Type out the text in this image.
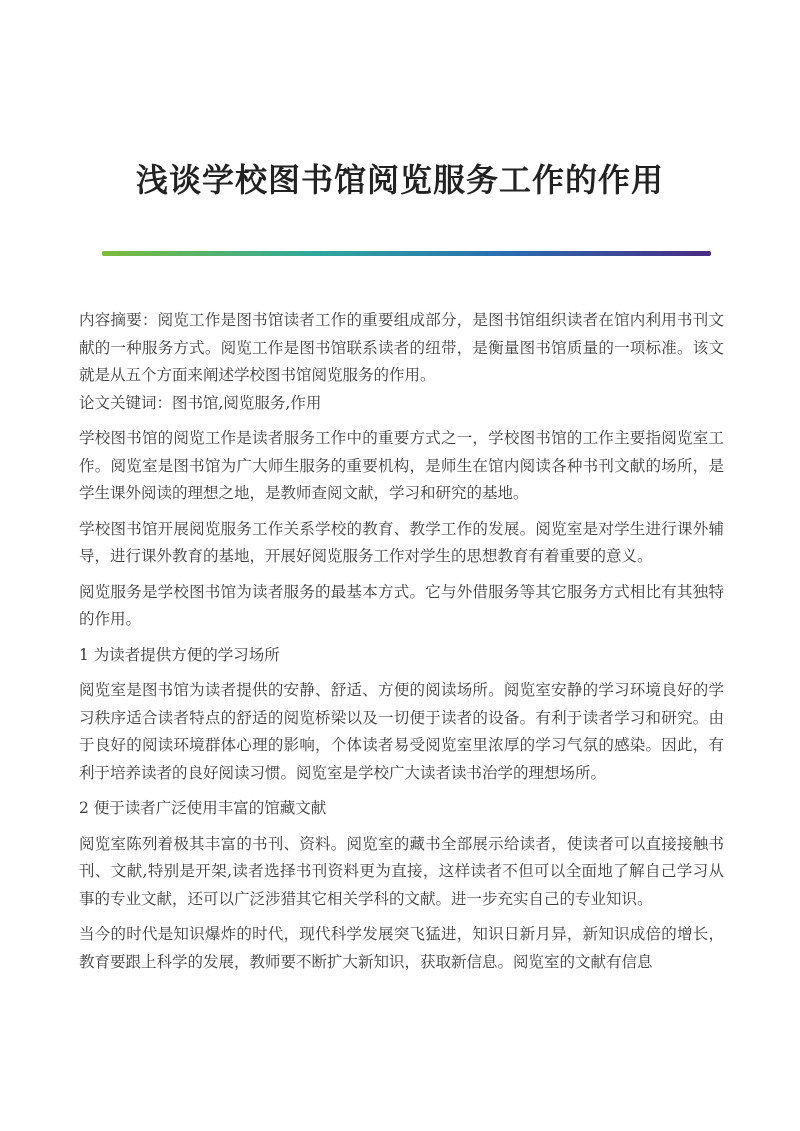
浅谈学校图书馆阅览服务工作的作用

内容摘要：阅览工作是图书馆读者工作的重要组成部分，是图书馆组织读者在馆内利用书刊文献的一种服务方式。阅览工作是图书馆联系读者的纽带，是衡量图书馆质量的一项标准。该文就是从五个方面来阐述学校图书馆阅览服务的作用。

论文关键词：图书馆,阅览服务,作用

学校图书馆的阅览工作是读者服务工作中的重要方式之一，学校图书馆的工作主要指阅览室工作。阅览室是图书馆为广大师生服务的重要机构，是师生在馆内阅读各种书刊文献的场所，是学生课外阅读的理想之地，是教师查阅文献，学习和研究的基地。

学校图书馆开展阅览服务工作关系学校的教育、教学工作的发展。阅览室是对学生进行课外辅导，进行课外教育的基地，开展好阅览服务工作对学生的思想教育有着重要的意义。

阅览服务是学校图书馆为读者服务的最基本方式。它与外借服务等其它服务方式相比有其独特的作用。

1 为读者提供方便的学习场所

阅览室是图书馆为读者提供的安静、舒适、方便的阅读场所。阅览室安静的学习环境良好的学习秩序适合读者特点的舒适的阅览桥梁以及一切便于读者的设备。有利于读者学习和研究。由于良好的阅读环境群体心理的影响，个体读者易受阅览室里浓厚的学习气氛的感染。因此，有利于培养读者的良好阅读习惯。阅览室是学校广大读者读书治学的理想场所。

2 便于读者广泛使用丰富的馆藏文献

阅览室陈列着极其丰富的书刊、资料。阅览室的藏书全部展示给读者，使读者可以直接接触书刊、文献,特别是开架,读者选择书刊资料更为直接，这样读者不但可以全面地了解自己学习从事的专业文献，还可以广泛涉猎其它相关学科的文献。进一步充实自己的专业知识。

当今的时代是知识爆炸的时代，现代科学发展突飞猛进，知识日新月异，新知识成倍的增长，教育要跟上科学的发展，教师要不断扩大新知识，获取新信息。阅览室的文献有信息
